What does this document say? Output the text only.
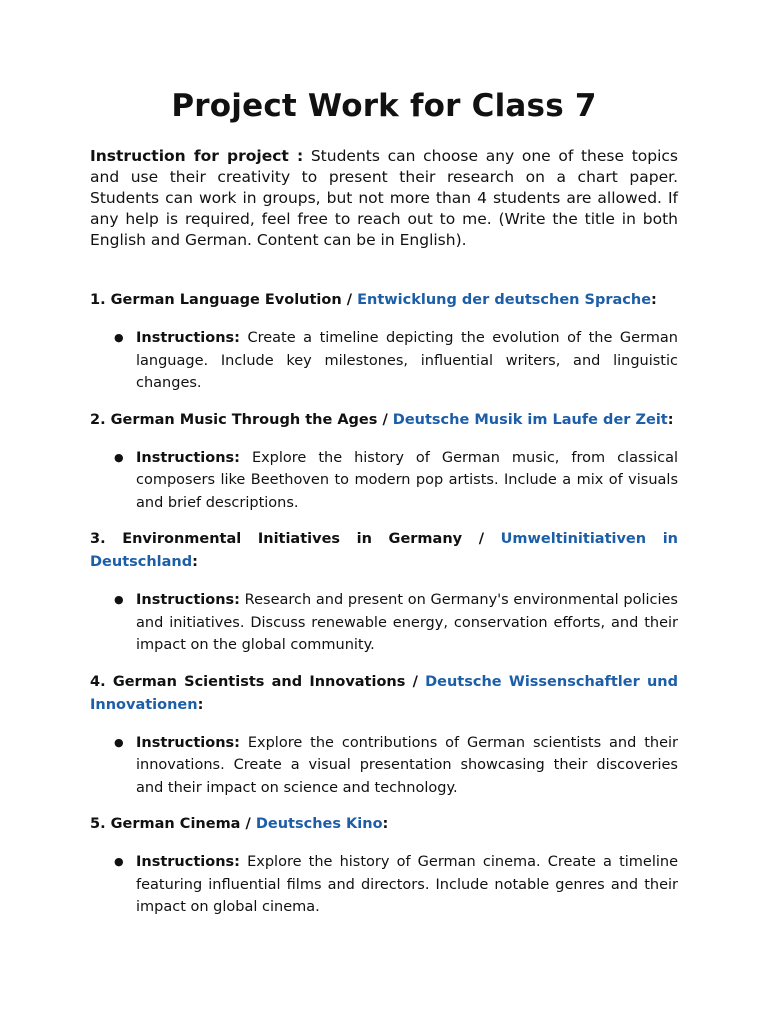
Project Work for Class 7

Instruction for project : Students can choose any one of these topics and use their creativity to present their research on a chart paper. Students can work in groups, but not more than 4 students are allowed. If any help is required, feel free to reach out to me. (Write the title in both English and German. Content can be in English).

1. German Language Evolution / Entwicklung der deutschen Sprache:
● Instructions: Create a timeline depicting the evolution of the German language. Include key milestones, influential writers, and linguistic changes.
2. German Music Through the Ages / Deutsche Musik im Laufe der Zeit:
● Instructions: Explore the history of German music, from classical composers like Beethoven to modern pop artists. Include a mix of visuals and brief descriptions.
3. Environmental Initiatives in Germany / Umweltinitiativen in Deutschland:
● Instructions: Research and present on Germany's environmental policies and initiatives. Discuss renewable energy, conservation efforts, and their impact on the global community.
4. German Scientists and Innovations / Deutsche Wissenschaftler und Innovationen:
● Instructions: Explore the contributions of German scientists and their innovations. Create a visual presentation showcasing their discoveries and their impact on science and technology.
5. German Cinema / Deutsches Kino:
● Instructions: Explore the history of German cinema. Create a timeline featuring influential films and directors. Include notable genres and their impact on global cinema.
